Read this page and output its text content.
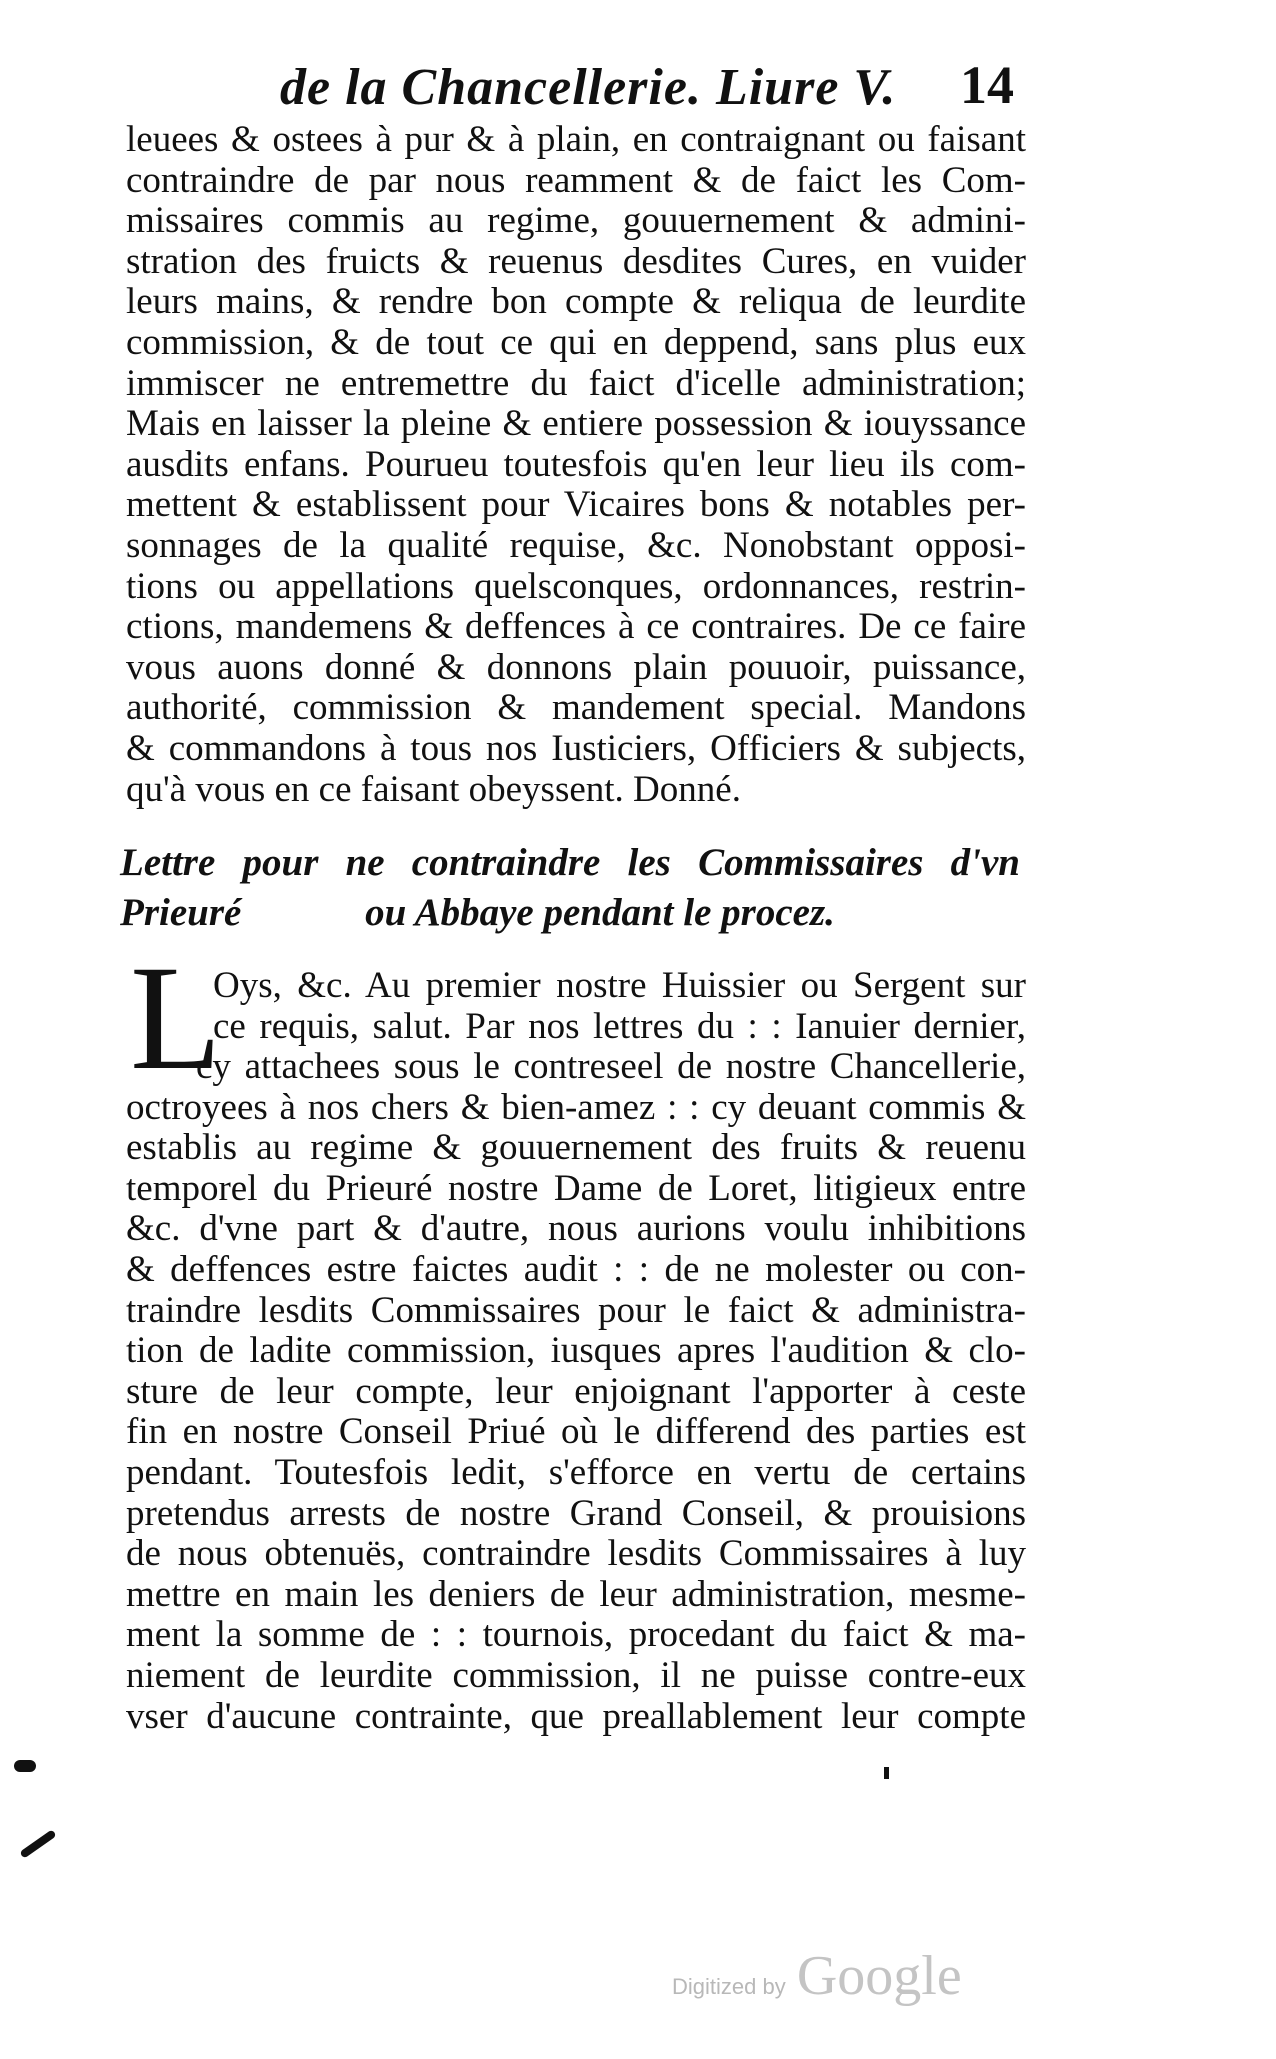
de la Chancellerie. Liure V. 14
leuees & ostees à pur & à plain, en contraignant ou faisant
contraindre de par nous reamment & de faict les Com-
missaires commis au regime, gouuernement & admini-
stration des fruicts & reuenus desdites Cures, en vuider
leurs mains, & rendre bon compte & reliqua de leurdite
commission, & de tout ce qui en deppend, sans plus eux
immiscer ne entremettre du faict d'icelle administration;
Mais en laisser la pleine & entiere possession & iouyssance
ausdits enfans. Pourueu toutesfois qu'en leur lieu ils com-
mettent & establissent pour Vicaires bons & notables per-
sonnages de la qualité requise, &c. Nonobstant opposi-
tions ou appellations quelsconques, ordonnances, restrin-
ctions, mandemens & deffences à ce contraires. De ce faire
vous auons donné & donnons plain pouuoir, puissance,
authorité, commission & mandement special. Mandons
& commandons à tous nos Iusticiers, Officiers & subjects,
qu'à vous en ce faisant obeyssent. Donné.
Lettre pour ne contraindre les Commissaires d'vn Prieuré	ou Abbaye pendant le procez.
L
Oys, &c. Au premier nostre Huissier ou Sergent sur
ce requis, salut. Par nos lettres du : : Ianuier dernier,
cy attachees sous le contreseel de nostre Chancellerie,
octroyees à nos chers & bien-amez : : cy deuant commis &
establis au regime & gouuernement des fruits & reuenu
temporel du Prieuré nostre Dame de Loret, litigieux entre
&c. d'vne part & d'autre, nous aurions voulu inhibitions
& deffences estre faictes audit : : de ne molester ou con-
traindre lesdits Commissaires pour le faict & administra-
tion de ladite commission, iusques apres l'audition & clo-
sture de leur compte, leur enjoignant l'apporter à ceste
fin en nostre Conseil Priué où le differend des parties est
pendant. Toutesfois ledit, s'efforce en vertu de certains
pretendus arrests de nostre Grand Conseil, & prouisions
de nous obtenuës, contraindre lesdits Commissaires à luy
mettre en main les deniers de leur administration, mesme-
ment la somme de : : tournois, procedant du faict & ma-
niement de leurdite commission, il ne puisse contre-eux
vser d'aucune contrainte, que preallablement leur compte
Digitized by Google
